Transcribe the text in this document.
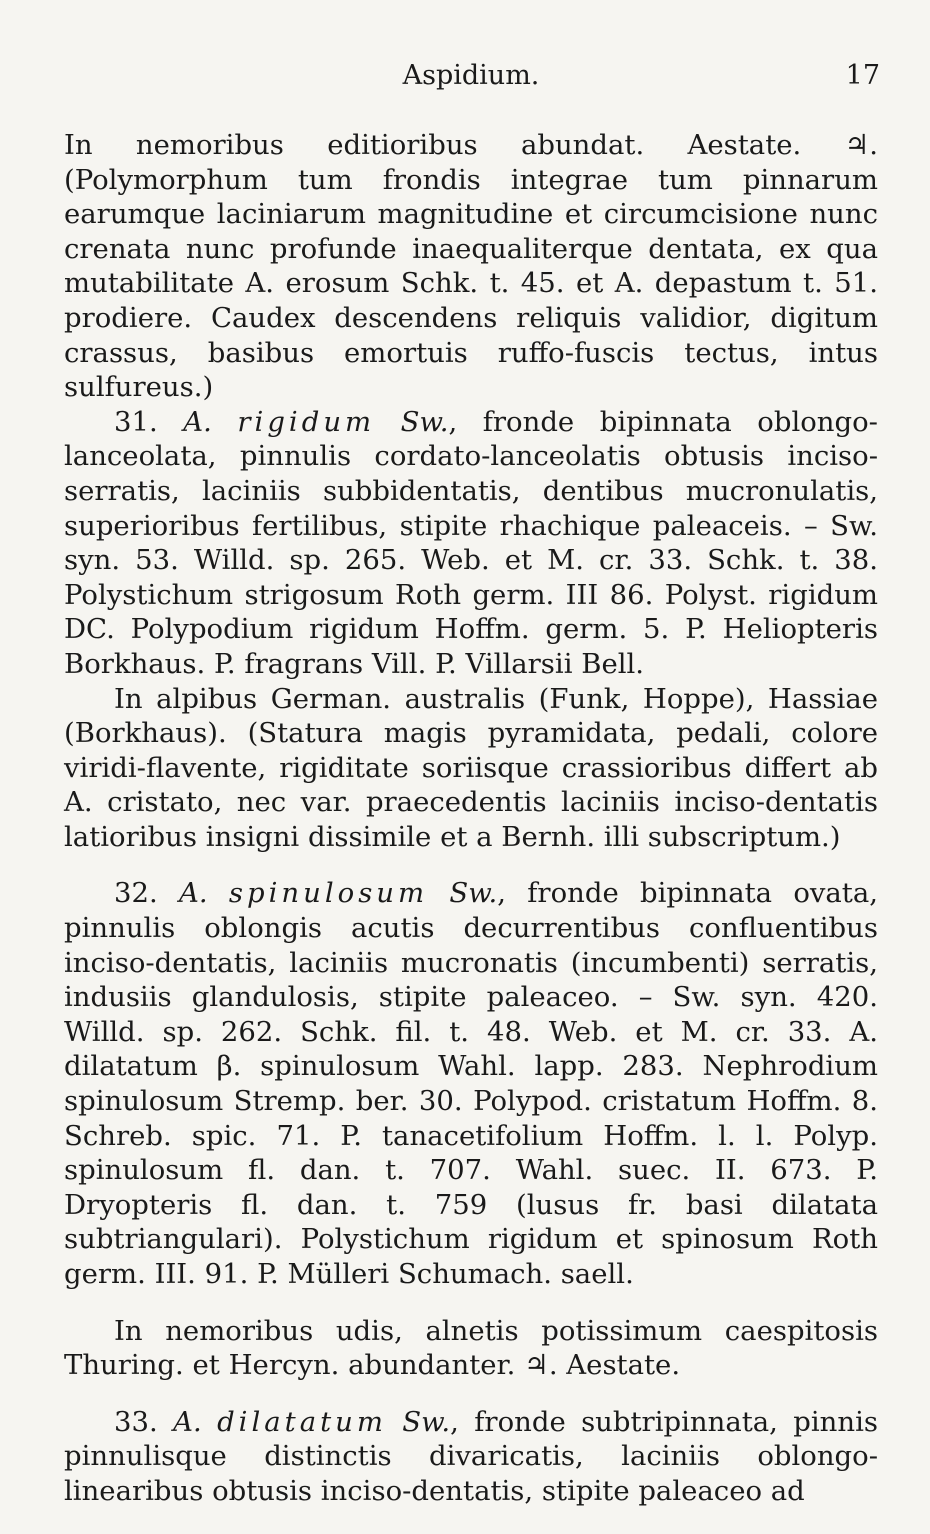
Aspidium.	17

In nemoribus editioribus abundat. Aestate. ♃. (Polymorphum tum frondis integrae tum pinnarum earumque laciniarum magnitudine et circumcisione nunc crenata nunc profunde inaequaliterque dentata, ex qua mutabilitate A. erosum Schk. t. 45. et A. depastum t. 51. prodiere. Caudex descendens reliquis validior, digitum crassus, basibus emortuis ruffo-fuscis tectus, intus sulfureus.)

31. A. rigidum Sw., fronde bipinnata oblongo-lanceolata, pinnulis cordato-lanceolatis obtusis inciso-serratis, laciniis subbidentatis, dentibus mucronulatis, superioribus fertilibus, stipite rhachique paleaceis. – Sw. syn. 53. Willd. sp. 265. Web. et M. cr. 33. Schk. t. 38. Polystichum strigosum Roth germ. III 86. Polyst. rigidum DC. Polypodium rigidum Hoffm. germ. 5. P. Heliopteris Borkhaus. P. fragrans Vill. P. Villarsii Bell.

In alpibus German. australis (Funk, Hoppe), Hassiae (Borkhaus). (Statura magis pyramidata, pedali, colore viridi-flavente, rigiditate soriisque crassioribus differt ab A. cristato, nec var. praecedentis laciniis inciso-dentatis latioribus insigni dissimile et a Bernh. illi subscriptum.)

32. A. spinulosum Sw., fronde bipinnata ovata, pinnulis oblongis acutis decurrentibus confluentibus inciso-dentatis, laciniis mucronatis (incumbenti) serratis, indusiis glandulosis, stipite paleaceo. – Sw. syn. 420. Willd. sp. 262. Schk. fil. t. 48. Web. et M. cr. 33. A. dilatatum β. spinulosum Wahl. lapp. 283. Nephrodium spinulosum Stremp. ber. 30. Polypod. cristatum Hoffm. 8. Schreb. spic. 71. P. tanacetifolium Hoffm. l. l. Polyp. spinulosum fl. dan. t. 707. Wahl. suec. II. 673. P. Dryopteris fl. dan. t. 759 (lusus fr. basi dilatata subtriangulari). Polystichum rigidum et spinosum Roth germ. III. 91. P. Mülleri Schumach. saell.

In nemoribus udis, alnetis potissimum caespitosis Thuring. et Hercyn. abundanter. ♃. Aestate.

33. A. dilatatum Sw., fronde subtripinnata, pinnis pinnulisque distinctis divaricatis, laciniis oblongo-linearibus obtusis inciso-dentatis, stipite paleaceo ad
